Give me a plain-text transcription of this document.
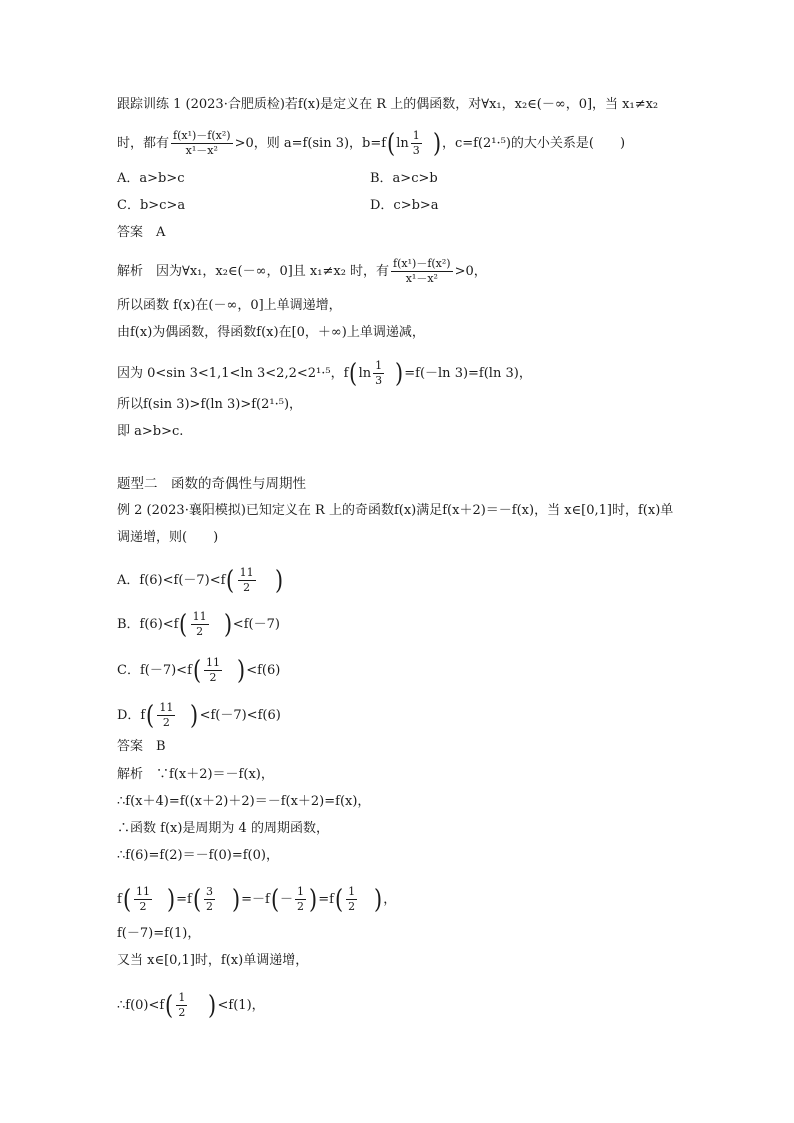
跟踪训练 1 (2023·合肥质检)若f(x)是定义在 R 上的偶函数，对∀x₁，x₂∈(－∞，0]，当 x₁≠x₂
时，都有 $\frac{\text{f(x¹)－f(x²)}}{\text{x¹－x²}} >0$，则 a=f(sin 3)，b=f ( $\ln \frac{1}{3}$ ) ，c=f(2¹·⁵)的大小关系是(　　)
A．a>b>c	B．a>c>b
C．b>c>a	D．c>b>a
答案　A
解析　因为∀x₁，x₂∈(－∞，0]且 x₁≠x₂ 时，有 $\frac{\text{f(x¹)－f(x²)}}{\text{x¹－x²}} >0$，
所以函数 f(x)在(－∞，0]上单调递增，
由f(x)为偶函数，得函数f(x)在[0，＋∞)上单调递减，
因为 0<sin 3<1,1<ln 3<2,2<2¹·⁵，f ( $\ln \frac{1}{3}$ ) =f(－ln 3)=f(ln 3)，
所以f(sin 3)>f(ln 3)>f(2¹·⁵)，
即 a>b>c.
题型二　函数的奇偶性与周期性
例 2 (2023·襄阳模拟)已知定义在 R 上的奇函数f(x)满足f(x＋2)＝－f(x)，当 x∈[0,1]时，f(x)单
调递增，则(　　)
A．f(6)<f(－7)<f ( $\frac{11}{2}$ )
B．f(6)<f ( $\frac{11}{2}$ ) <f(－7)
C．f(－7)<f ( $\frac{11}{2}$ ) <f(6)
D．f ( $\frac{11}{2}$ ) <f(－7)<f(6)
答案　B
解析　∵f(x＋2)＝－f(x)，
∴f(x＋4)=f((x＋2)＋2)＝－f(x＋2)=f(x)，
∴函数 f(x)是周期为 4 的周期函数，
∴f(6)=f(2)＝－f(0)=f(0)，
f ( $\frac{11}{2}$ ) =f ( $\frac{3}{2}$ ) =－f ( － $\frac{1}{2}$ ) =f ( $\frac{1}{2}$ ) ，
f(－7)=f(1)，
又当 x∈[0,1]时，f(x)单调递增，
∴f(0)<f ( $\frac{1}{2}$ ) <f(1)，
